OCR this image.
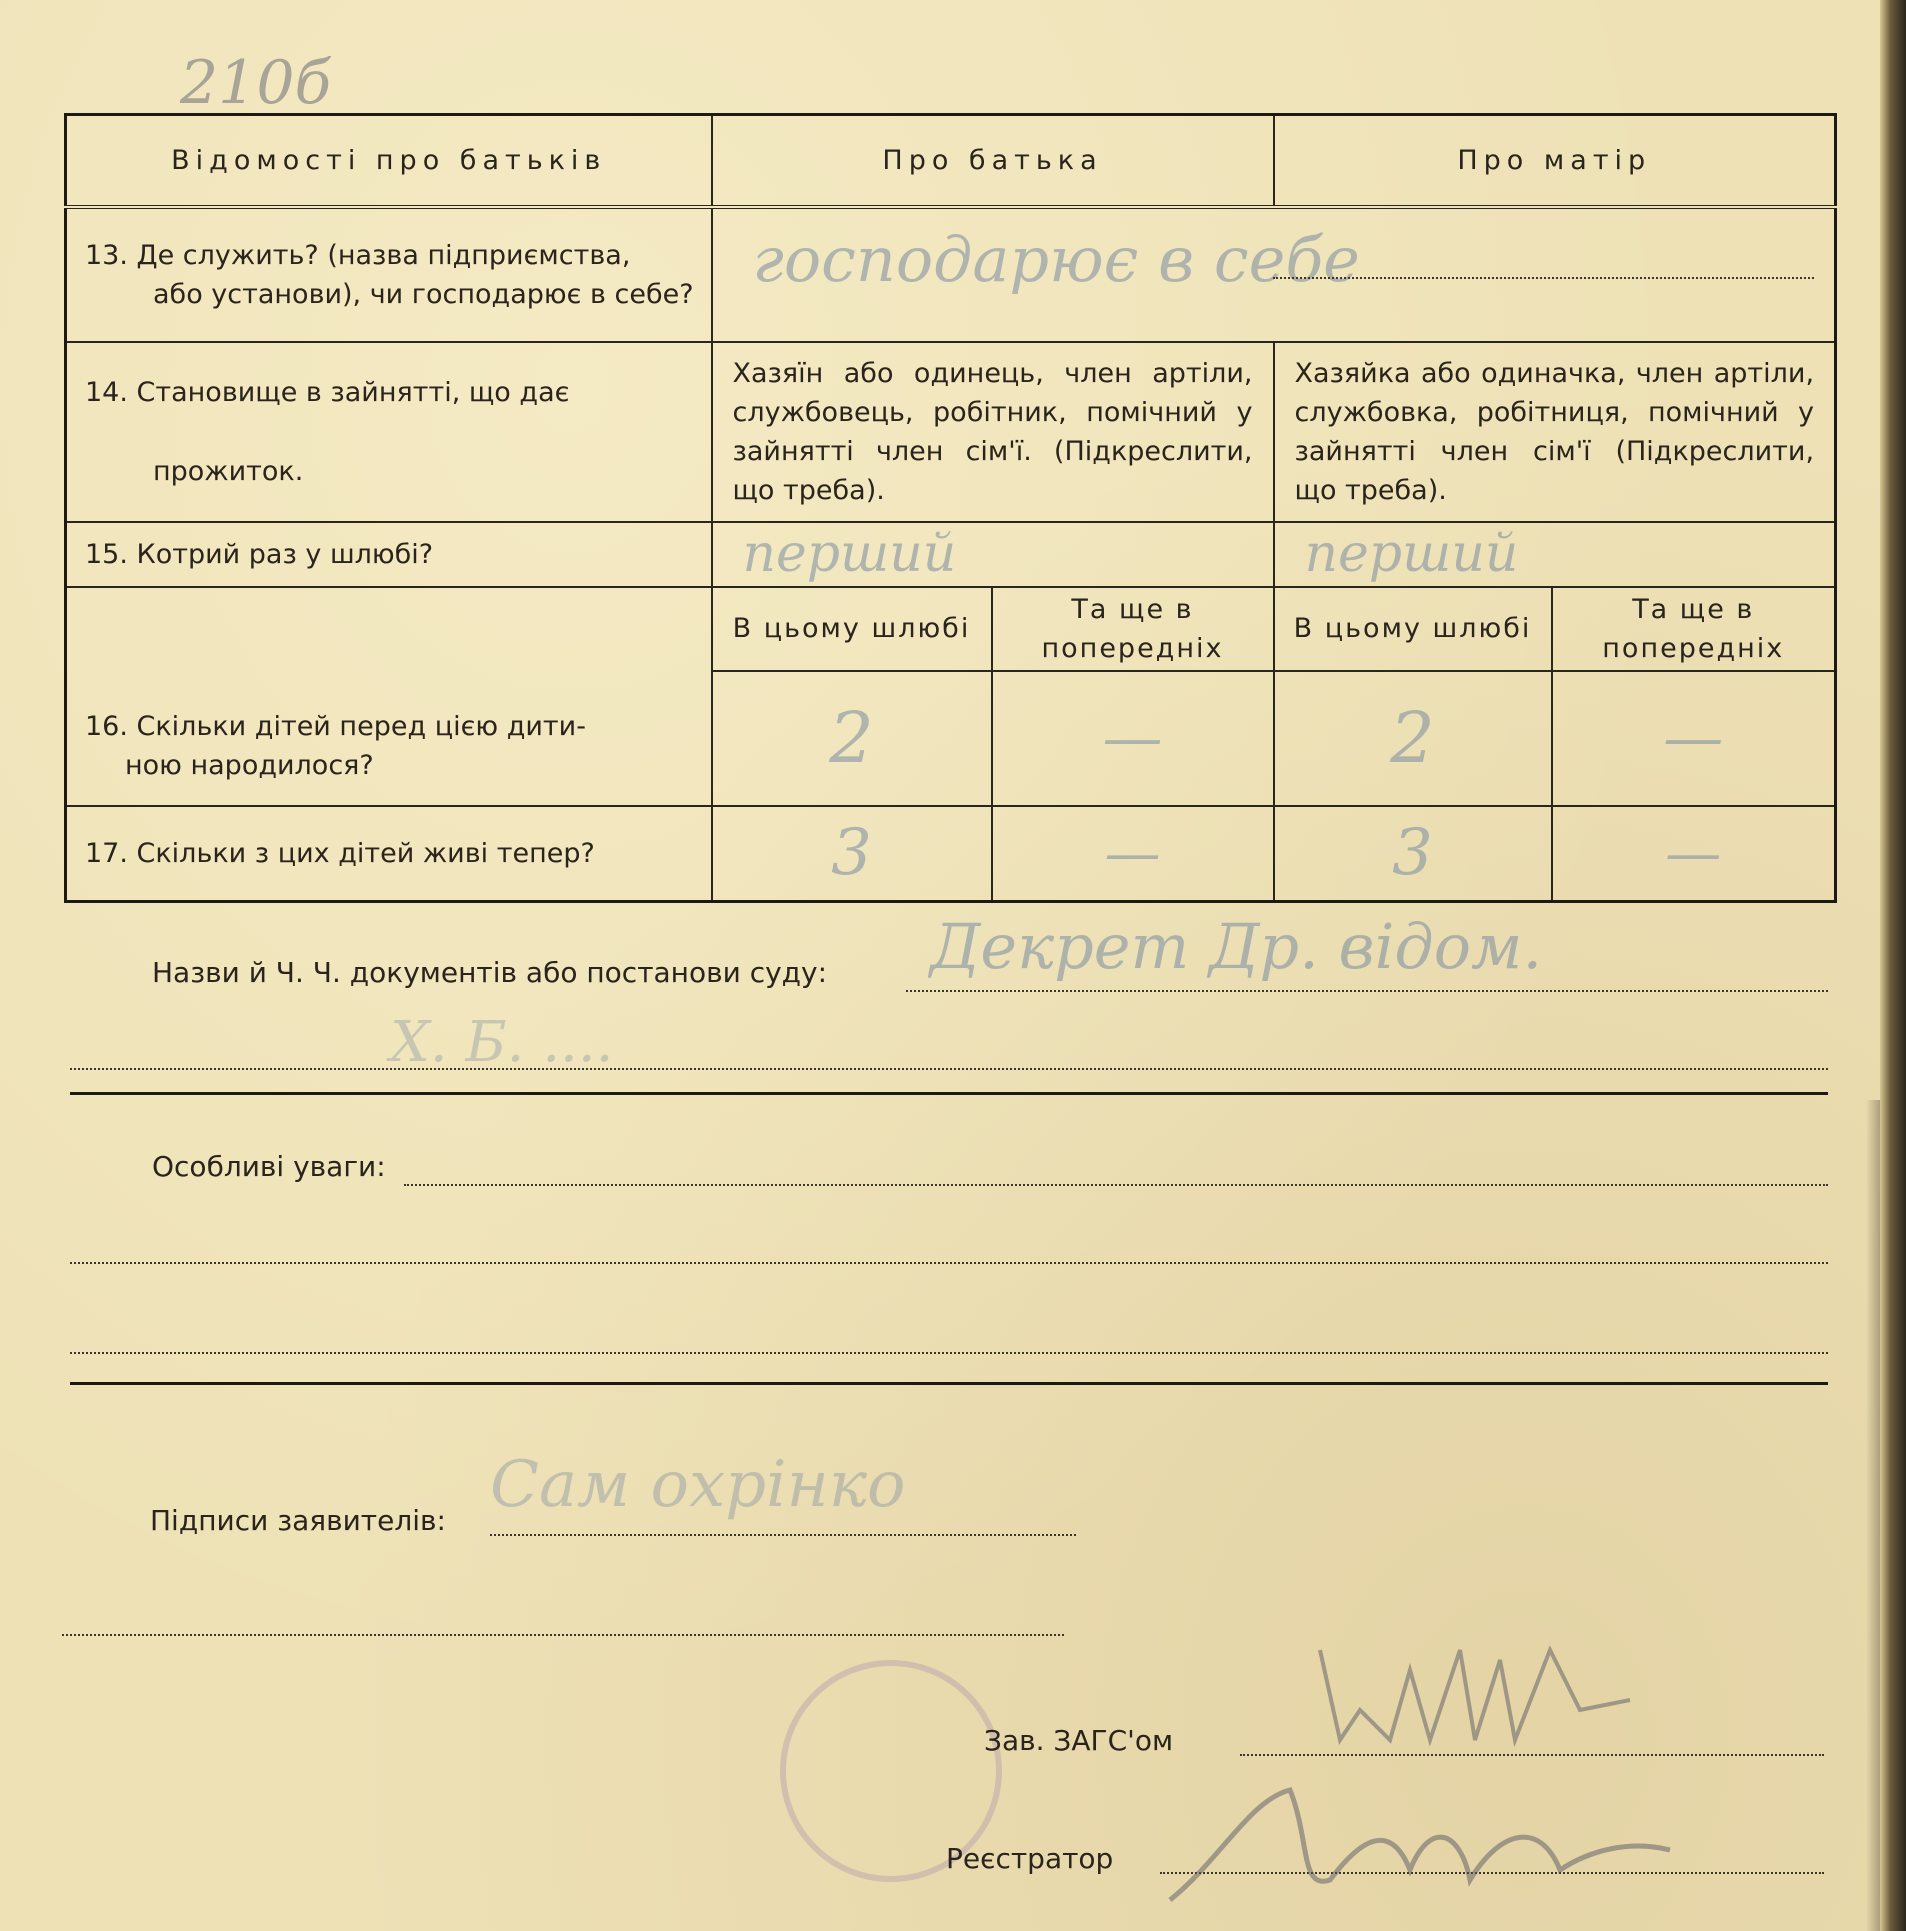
210б
Відомості про батьків	Про батька		Про матір	
13. Де служить? (назва підприємства,
або установи), чи господарює в себе?	господарює в себе			

14. Становище в зайнятті, що дає

прожиток.	Хазяїн або одинець, член артіли, службовець, робітник, помічний у зайнятті член сім'ї. (Підкреслити, що треба).		Хазяйка або одиначка, член артіли, службовка, робітниця, помічний у зайнятті член сім'ї (Підкреслити, що треба).	
15. Котрий раз у шлюбі?	перший		перший	

16. Скільки дітей перед цією дити-
ною народилося?	В цьому шлюбі	Та ще в попередніх	В цьому шлюбі	Та ще в попередніх
	2	—	2	—
17. Скільки з цих дітей живі тепер?	3	—	3	—
Назви й Ч. Ч. документів або постанови суду: Декрет Др. відом.
Х. Б. ....
Особливі уваги:
Підписи заявителів: Сам охрінко
Зав. ЗАГС'ом
Реєстратор
